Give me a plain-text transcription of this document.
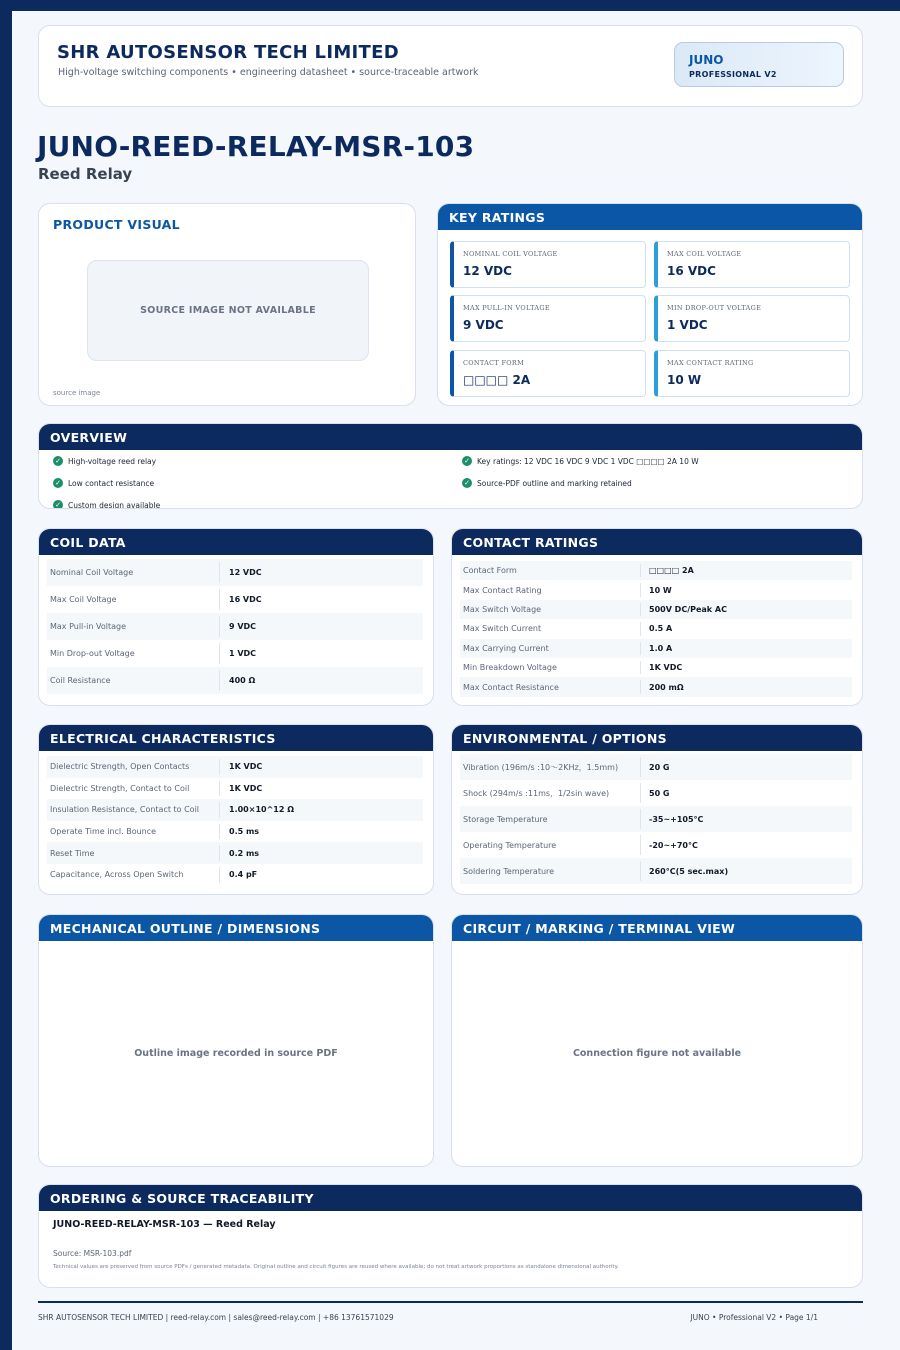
SHR AUTOSENSOR TECH LIMITED
High-voltage switching components • engineering datasheet • source-traceable artwork
JUNO
PROFESSIONAL V2
JUNO-REED-RELAY-MSR-103
Reed Relay
PRODUCT VISUAL
SOURCE IMAGE NOT AVAILABLE
source image
KEY RATINGS
NOMINAL COIL VOLTAGE
12 VDC
MAX COIL VOLTAGE
16 VDC
MAX PULL-IN VOLTAGE
9 VDC
MIN DROP-OUT VOLTAGE
1 VDC
CONTACT FORM
□□□□ 2A
MAX CONTACT RATING
10 W
OVERVIEW
✓ High-voltage reed relay	✓ Key ratings: 12 VDC 16 VDC 9 VDC 1 VDC □□□□ 2A 10 W
✓ Low contact resistance	✓ Source-PDF outline and marking retained
✓ Custom design available
COIL DATA
Nominal Coil Voltage	12 VDC
Max Coil Voltage	16 VDC
Max Pull-in Voltage	9 VDC
Min Drop-out Voltage	1 VDC
Coil Resistance	400 Ω
CONTACT RATINGS
Contact Form	□□□□ 2A
Max Contact Rating	10 W
Max Switch Voltage	500V DC/Peak AC
Max Switch Current	0.5 A
Max Carrying Current	1.0 A
Min Breakdown Voltage	1K VDC
Max Contact Resistance	200 mΩ
ELECTRICAL CHARACTERISTICS
Dielectric Strength, Open Contacts	1K VDC
Dielectric Strength, Contact to Coil	1K VDC
Insulation Resistance, Contact to Coil	1.00×10^12 Ω
Operate Time incl. Bounce	0.5 ms
Reset Time	0.2 ms
Capacitance, Across Open Switch	0.4 pF
ENVIRONMENTAL / OPTIONS
Vibration (196m/s :10～2KHz，1.5mm)	20 G
Shock (294m/s :11ms，1/2sin wave)	50 G
Storage Temperature	-35~+105°C
Operating Temperature	-20~+70°C
Soldering Temperature	260°C(5 sec.max)
MECHANICAL OUTLINE / DIMENSIONS
Outline image recorded in source PDF
CIRCUIT / MARKING / TERMINAL VIEW
Connection figure not available
ORDERING & SOURCE TRACEABILITY
JUNO-REED-RELAY-MSR-103 — Reed Relay
Source: MSR-103.pdf
Technical values are preserved from source PDFs / generated metadata. Original outline and circuit figures are reused where available; do not treat artwork proportions as standalone dimensional authority.
SHR AUTOSENSOR TECH LIMITED | reed-relay.com | sales@reed-relay.com | +86 13761571029	JUNO • Professional V2 • Page 1/1
